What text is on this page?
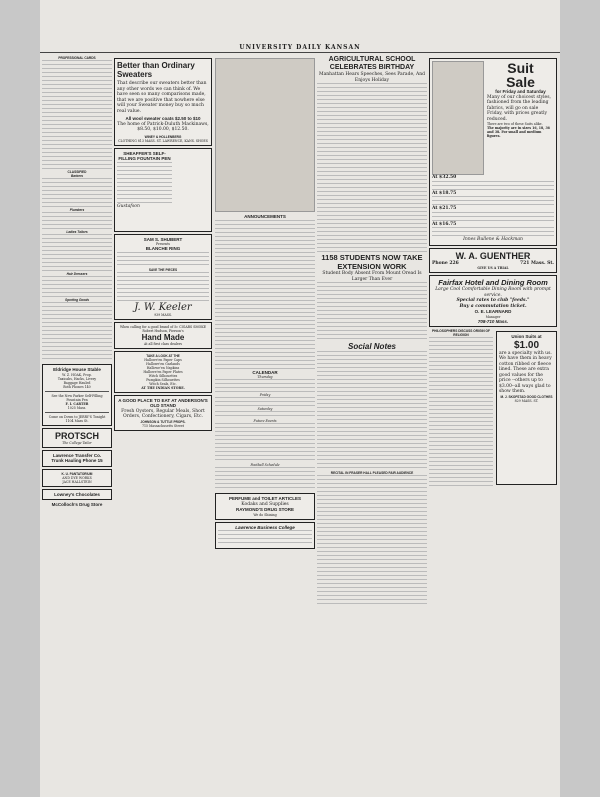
UNIVERSITY DAILY KANSAN
PROFESSIONAL CARDS
CLASSIFIED
Barbers
Plumbers
Ladies Tailors
Hair Dressers
Sporting Goods
Eldridge House Stable
W. Z. HOAK, Prop.
Taxicabs, Hacks, Livery
Baggage Hauled
Both Phones 140
See the New Parker Self-Filling Fountain Pen
F. I. CARTER
1025 Mass.
Come on Down to JERRY'S Tonight
1104 Mass St.
PROTSCH
The College Tailor
Lawrence Transfer Co.
Trunk Hauling Phone 15
K. U. PANTATORIUM
AND DYE WORKS
JACE HALLSTEIN
Lowney's Chocolates
McColloch's Drug Store
Better than Ordinary Sweaters
That describe our sweaters better than any other words we can think of. We have seen so many comparisons made, that we are positive that nowhere else will your Sweater money buy so much real value.
All wool sweater coats $2.50 to $10
The home of Patrick-Duluth Mackinaws, $8.50, $10.00, $12.50.
WINEY & HOLLENBERG
CLOTHING 813 MASS. ST. LAWRENCE, KANS. SHOES
SHEAFFER'S SELF-FILLING FOUNTAIN PEN
Gustafson
SAM S. SHUBERT
Presents
BLANCHE RING
SAVE THE PIECES
J. W. Keeler
939 MASS.
When calling for a good brand of 5c CIGARS SMOKE
Robert Hudson, Pierson's
Hand Made
At all first class dealers
TAKE A LOOK AT THE
Hallowe'en Paper Caps
Hallowe'en Garlands
Hallowe'en Napkins
Hallowe'en Paper Plates
Witch Silhouettes
Pumpkin Silhouettes
Witch Seals, Etc.
AT THE INDIAN STORE.
A GOOD PLACE TO EAT AT ANDERSON'S OLD STAND
Fresh Oysters, Regular Meals, Short Orders, Confectionery, Cigars, Etc.
JOHNSON & TUTTLE PROPS.
715 Massachusetts Street
ANNOUNCEMENTS
CALENDAR
Thursday
Friday
Saturday
Future Events
Football Schedule
PERFUME and TOILET ARTICLES
Kodaks and Supplies
RAYMOND'S DRUG STORE
We do Shining
Lawrence Business College
AGRICULTURAL SCHOOL CELEBRATES BIRTHDAY
Manhattan Hears Speeches, Sees Parade, And Enjoys Holiday
1158 STUDENTS NOW TAKE EXTENSION WORK
Student Body Absent From Mount Oread Is Larger Than Ever
Social Notes
RECITAL IN FRASER HALL PLEASED FAIR AUDIENCE
Suit
Sale
for Friday and Saturday
Many of our choicest styles, fashioned from the leading fabrics, will go on sale Friday, with prices greatly reduced.
There are two of these Suits alike.
The majority are in sizes 16, 18, 36 and 38. For small and medium figures.
At $32.50
At $18.75
At $21.75
At $16.75
Innes Bullene & Hackman
W. A. GUENTHER
Phone 226	721 Mass. St.
GIVE US A TRIAL
Fairfax Hotel and Dining Room
Large Cool Comfortable Dining Room with prompt service.
Special rates to club "feeds."
Buy a commutation ticket.
O. E. LEARNARD
Manager
708-710 Mass.
PHILOSOPHERS DISCUSS ORIGIN OF RELIGION	Union Suits at
$1.00
are a specialty with us. We have them in heavy cotton ribbed or fleece lined. These are extra good values for the price --others up to $3.00--all ways glad to show them.
M. J. SKOFSTAD GOOD CLOTHES
829 MASS. ST.
